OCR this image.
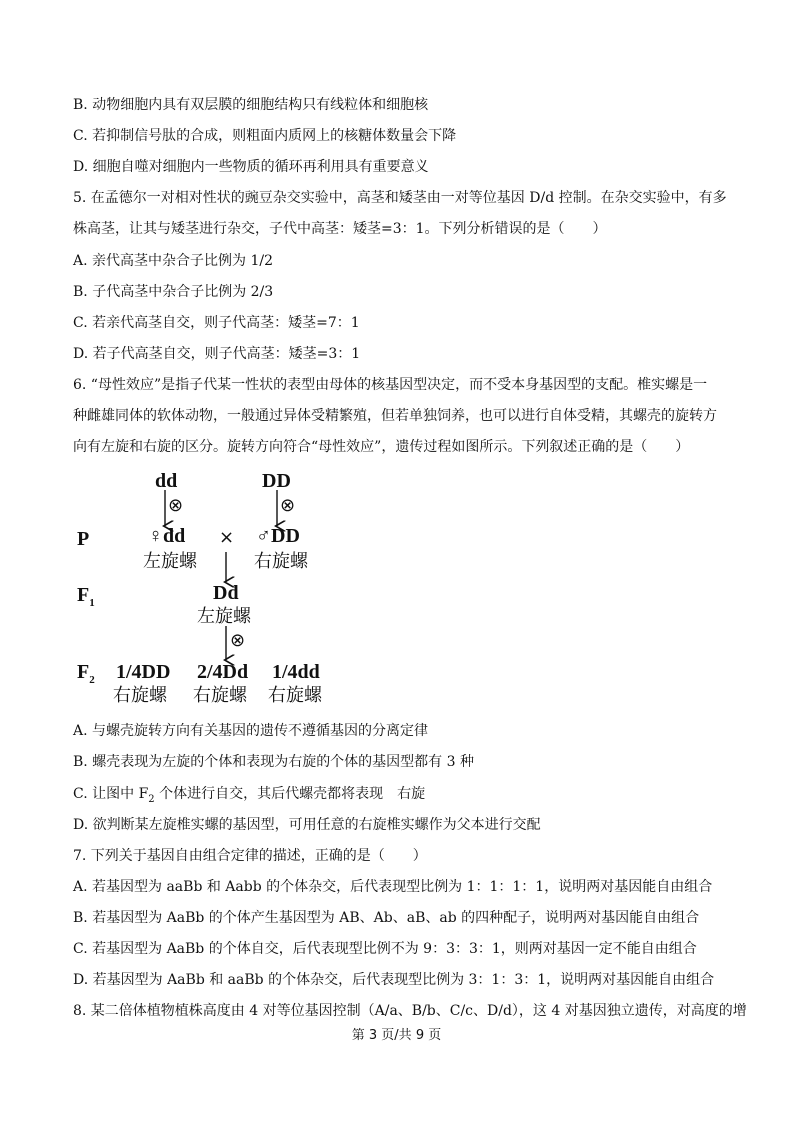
B. 动物细胞内具有双层膜的细胞结构只有线粒体和细胞核
C. 若抑制信号肽的合成，则粗面内质网上的核糖体数量会下降
D. 细胞自噬对细胞内一些物质的循环再利用具有重要意义
5. 在孟德尔一对相对性状的豌豆杂交实验中，高茎和矮茎由一对等位基因 D/d 控制。在杂交实验中，有多
株高茎，让其与矮茎进行杂交，子代中高茎：矮茎=3：1。下列分析错误的是（　　）
A. 亲代高茎中杂合子比例为 1/2
B. 子代高茎中杂合子比例为 2/3
C. 若亲代高茎自交，则子代高茎：矮茎=7：1
D. 若子代高茎自交，则子代高茎：矮茎=3：1
6. “母性效应”是指子代某一性状的表型由母体的核基因型决定，而不受本身基因型的支配。椎实螺是一
种雌雄同体的软体动物，一般通过异体受精繁殖，但若单独饲养，也可以进行自体受精，其螺壳的旋转方
向有左旋和右旋的区分。旋转方向符合“母性效应”，遗传过程如图所示。下列叙述正确的是（　　）
dd	DD
⊗	⊗
P	♀dd × ♂DD
左旋螺	右旋螺
$F_1$	Dd
左旋螺
⊗
$F_2$ 1/4DD 2/4Dd 1/4dd
右旋螺 右旋螺 右旋螺
A. 与螺壳旋转方向有关基因的遗传不遵循基因的分离定律
B. 螺壳表现为左旋的个体和表现为右旋的个体的基因型都有 3 种
C. 让图中 $F_2$ 个体进行自交，其后代螺壳都将表现　右旋
D. 欲判断某左旋椎实螺的基因型，可用任意的右旋椎实螺作为父本进行交配
7. 下列关于基因自由组合定律的描述，正确的是（　　）
A. 若基因型为 aaBb 和 Aabb 的个体杂交，后代表现型比例为 1：1：1：1，说明两对基因能自由组合
B. 若基因型为 AaBb 的个体产生基因型为 AB、Ab、aB、ab 的四种配子，说明两对基因能自由组合
C. 若基因型为 AaBb 的个体自交，后代表现型比例不为 9：3：3：1，则两对基因一定不能自由组合
D. 若基因型为 AaBb 和 aaBb 的个体杂交，后代表现型比例为 3：1：3：1，说明两对基因能自由组合
8. 某二倍体植物植株高度由 4 对等位基因控制（A/a、B/b、C/c、D/d），这 4 对基因独立遗传，对高度的增
第 3 页/共 9 页
